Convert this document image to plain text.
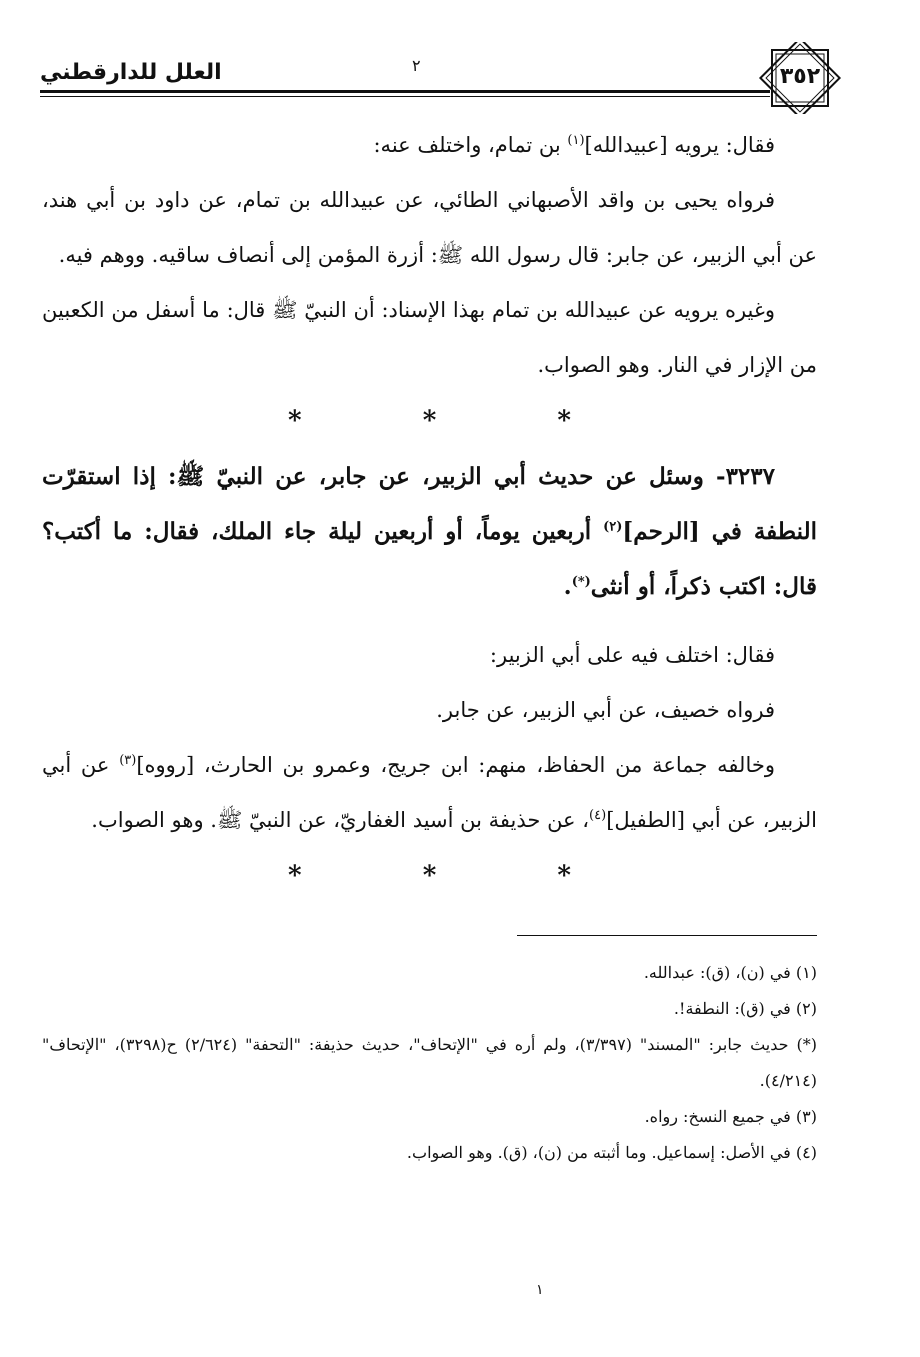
العلل للدارقطني	٢	٣٥٢

فقال: يرويه [عبيدالله]$^{(١)}$ بن تمام، واختلف عنه:

فرواه يحيى بن واقد الأصبهاني الطائي، عن عبيدالله بن تمام، عن داود بن أبي هند، عن أبي الزبير، عن جابر: قال رسول الله ﷺ: أزرة المؤمن إلى أنصاف ساقيه. ووهم فيه.

وغيره يرويه عن عبيدالله بن تمام بهذا الإسناد: أن النبيّ ﷺ قال: ما أسفل من الكعبين من الإزار في النار. وهو الصواب.

* * *

٣٢٣٧- وسئل عن حديث أبي الزبير، عن جابر، عن النبيّ ﷺ: إذا استقرّت النطفة في [الرحم]$^{(٢)}$ أربعين يوماً، أو أربعين ليلة جاء الملك، فقال: ما أكتب؟ قال: اكتب ذكراً، أو أنثى(*).

فقال: اختلف فيه على أبي الزبير:

فرواه خصيف، عن أبي الزبير، عن جابر.

وخالفه جماعة من الحفاظ، منهم: ابن جريج، وعمرو بن الحارث، [رووه]$^{(٣)}$ عن أبي الزبير، عن أبي [الطفيل]$^{(٤)}$، عن حذيفة بن أسيد الغفاريّ، عن النبيّ ﷺ. وهو الصواب.

* * *

(١) في (ن)، (ق): عبدالله.

(٢) في (ق): النطفة!.

(*) حديث جابر: "المسند" (٣/٣٩٧)، ولم أره في "الإتحاف"، حديث حذيفة: "التحفة" (٢/٦٢٤) ح(٣٢٩٨)، "الإتحاف" (٤/٢١٤).

(٣) في جميع النسخ: رواه.

(٤) في الأصل: إسماعيل. وما أثبته من (ن)، (ق). وهو الصواب.

١
